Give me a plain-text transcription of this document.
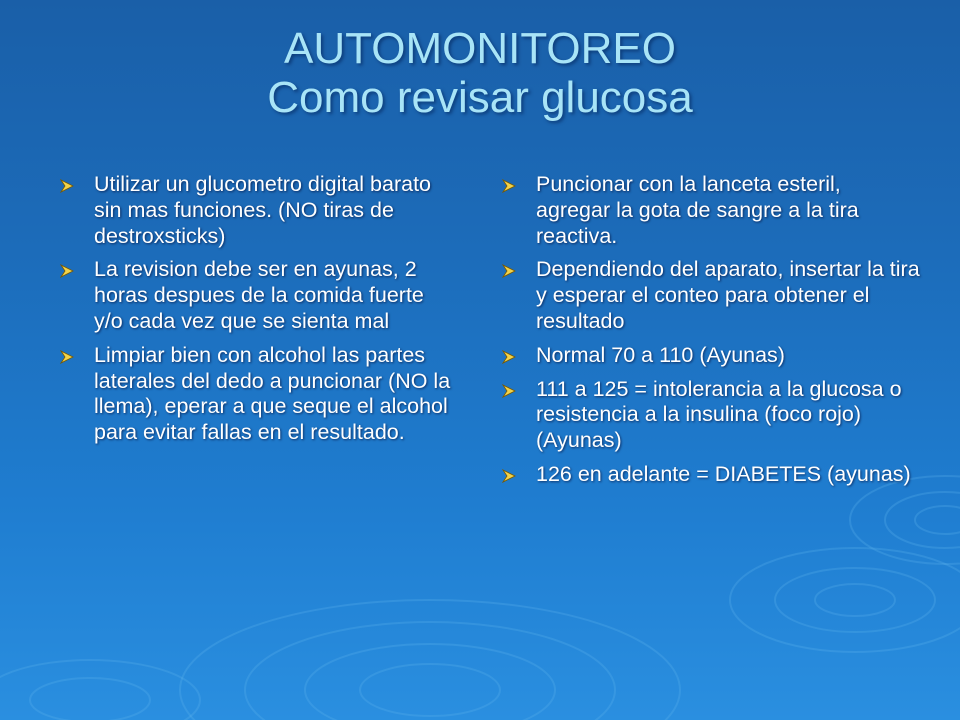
AUTOMONITOREO
Como revisar glucosa
Utilizar un glucometro digital barato sin mas funciones. (NO tiras de destroxsticks)
La revision debe ser en ayunas, 2 horas despues de la comida fuerte y/o cada vez que se sienta mal
Limpiar bien con alcohol las partes laterales del dedo a puncionar (NO la llema), eperar a que seque el alcohol para evitar fallas en el resultado.
Puncionar con la lanceta esteril, agregar la gota de sangre a la tira reactiva.
Dependiendo del aparato, insertar la tira y esperar el conteo para obtener el resultado
Normal 70 a 110 (Ayunas)
111 a 125 = intolerancia a la glucosa o resistencia a la insulina (foco rojo) (Ayunas)
126 en adelante = DIABETES (ayunas)
